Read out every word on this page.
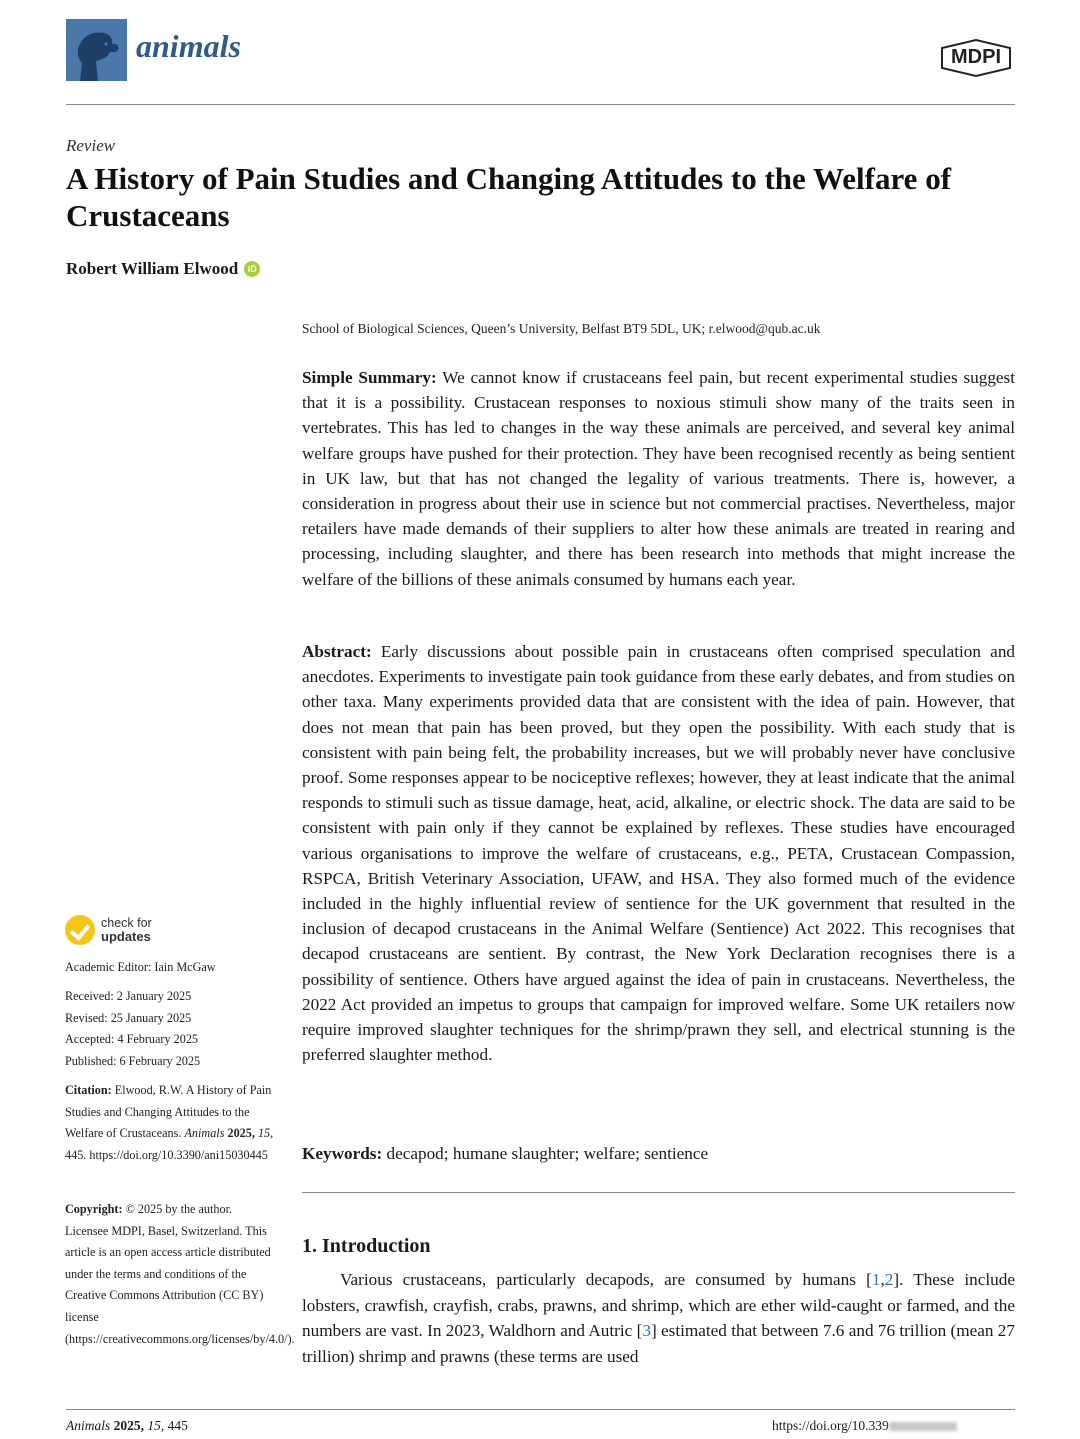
animals	MDPI
Review
A History of Pain Studies and Changing Attitudes to the Welfare of Crustaceans
Robert William Elwood	iD
School of Biological Sciences, Queen’s University, Belfast BT9 5DL, UK; r.elwood@qub.ac.uk
Simple Summary: We cannot know if crustaceans feel pain, but recent experimental studies suggest that it is a possibility. Crustacean responses to noxious stimuli show many of the traits seen in vertebrates. This has led to changes in the way these animals are perceived, and several key animal welfare groups have pushed for their protection. They have been recognised recently as being sentient in UK law, but that has not changed the legality of various treatments. There is, however, a consideration in progress about their use in science but not commercial practises. Nevertheless, major retailers have made demands of their suppliers to alter how these animals are treated in rearing and processing, including slaughter, and there has been research into methods that might increase the welfare of the billions of these animals consumed by humans each year.
Abstract: Early discussions about possible pain in crustaceans often comprised speculation and anecdotes. Experiments to investigate pain took guidance from these early debates, and from studies on other taxa. Many experiments provided data that are consistent with the idea of pain. However, that does not mean that pain has been proved, but they open the possibility. With each study that is consistent with pain being felt, the probability increases, but we will probably never have conclusive proof. Some responses appear to be nociceptive reflexes; however, they at least indicate that the animal responds to stimuli such as tissue damage, heat, acid, alkaline, or electric shock. The data are said to be consistent with pain only if they cannot be explained by reflexes. These studies have encouraged various organisations to improve the welfare of crustaceans, e.g., PETA, Crustacean Compassion, RSPCA, British Veterinary Association, UFAW, and HSA. They also formed much of the evidence included in the highly influential review of sentience for the UK government that resulted in the inclusion of decapod crustaceans in the Animal Welfare (Sentience) Act 2022. This recognises that decapod crustaceans are sentient. By contrast, the New York Declaration recognises there is a possibility of sentience. Others have argued against the idea of pain in crustaceans. Nevertheless, the 2022 Act provided an impetus to groups that campaign for improved welfare. Some UK retailers now require improved slaughter techniques for the shrimp/prawn they sell, and electrical stunning is the preferred slaughter method.
Keywords: decapod; humane slaughter; welfare; sentience
1. Introduction
Various crustaceans, particularly decapods, are consumed by humans [1,2]. These include lobsters, crawfish, crayfish, crabs, prawns, and shrimp, which are ether wild-caught or farmed, and the numbers are vast. In 2023, Waldhorn and Autric [3] estimated that between 7.6 and 76 trillion (mean 27 trillion) shrimp and prawns (these terms are used
check for
updates
Academic Editor: Iain McGaw
Received: 2 January 2025
Revised: 25 January 2025
Accepted: 4 February 2025
Published: 6 February 2025
Citation: Elwood, R.W. A History of Pain Studies and Changing Attitudes to the Welfare of Crustaceans. Animals 2025, 15, 445. https://doi.org/10.3390/ani15030445
Copyright: © 2025 by the author. Licensee MDPI, Basel, Switzerland. This article is an open access article distributed under the terms and conditions of the Creative Commons Attribution (CC BY) license (https://creativecommons.org/licenses/by/4.0/).
Animals 2025, 15, 445	https://doi.org/10.339
